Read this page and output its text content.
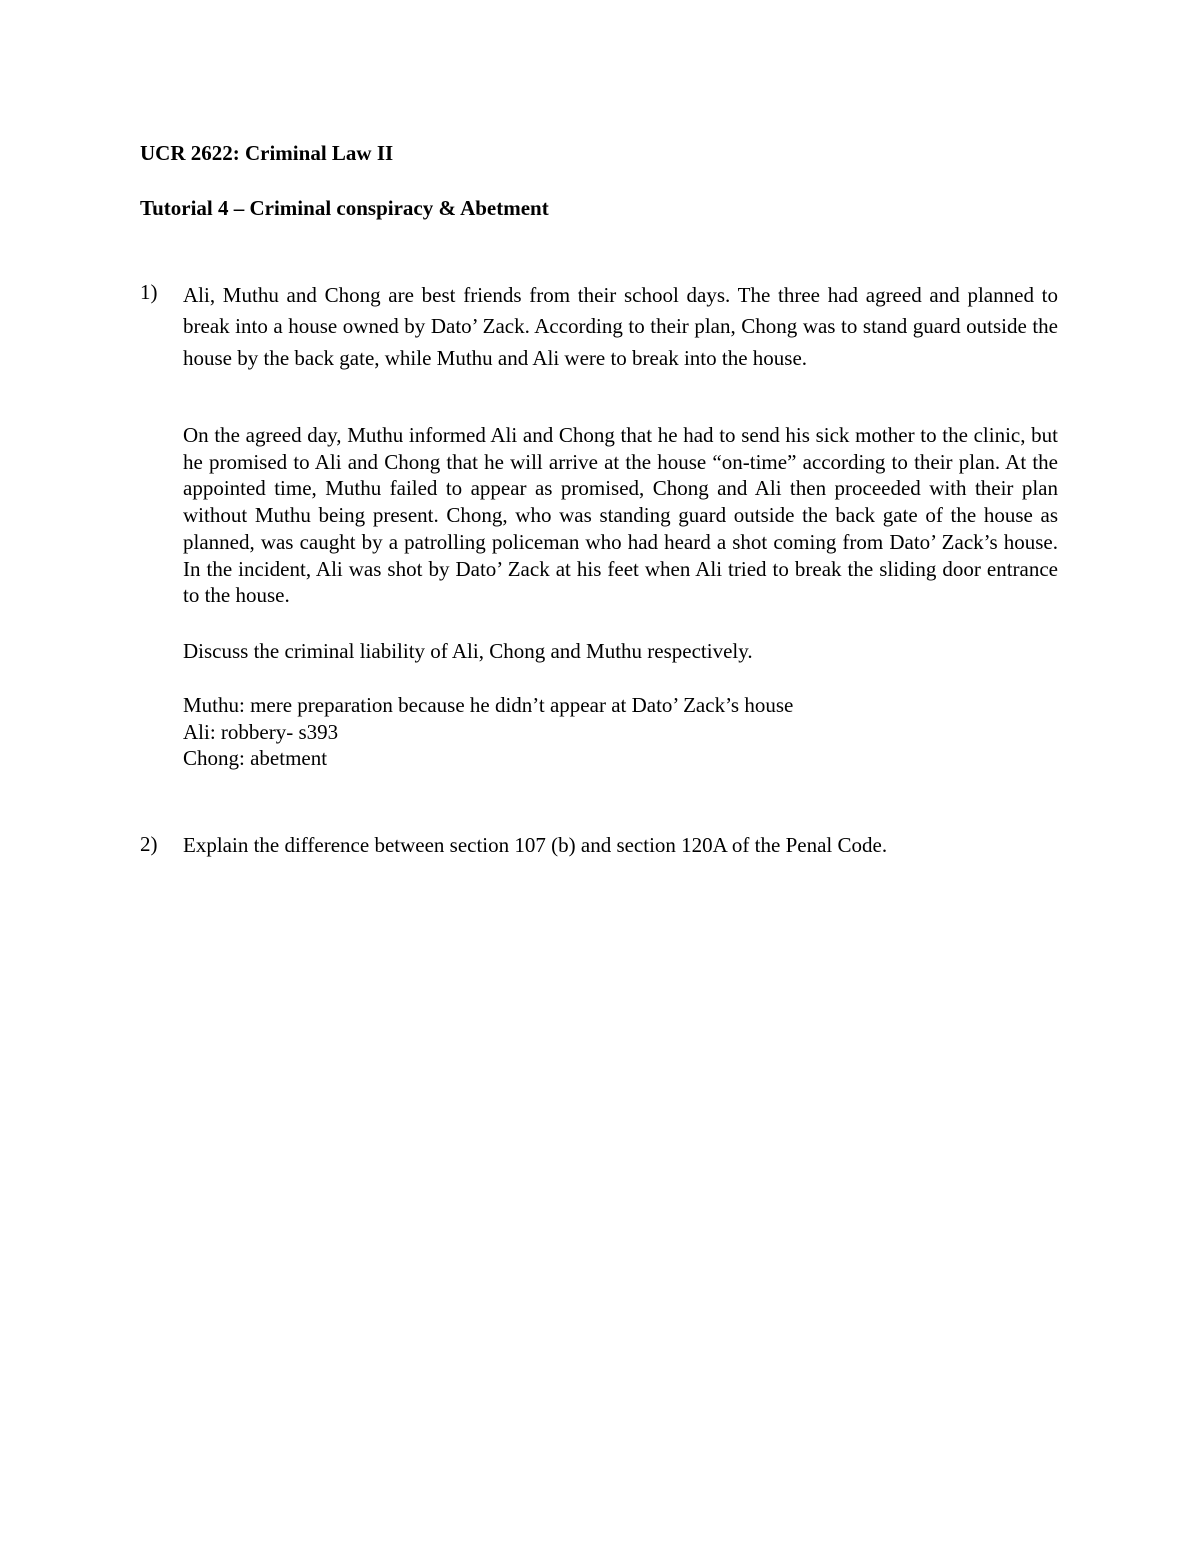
UCR 2622: Criminal Law II
Tutorial 4 – Criminal conspiracy & Abetment
1) Ali, Muthu and Chong are best friends from their school days. The three had agreed and planned to break into a house owned by Dato’ Zack. According to their plan, Chong was to stand guard outside the house by the back gate, while Muthu and Ali were to break into the house.
On the agreed day, Muthu informed Ali and Chong that he had to send his sick mother to the clinic, but he promised to Ali and Chong that he will arrive at the house “on-time” according to their plan. At the appointed time, Muthu failed to appear as promised, Chong and Ali then proceeded with their plan without Muthu being present. Chong, who was standing guard outside the back gate of the house as planned, was caught by a patrolling policeman who had heard a shot coming from Dato’ Zack’s house. In the incident, Ali was shot by Dato’ Zack at his feet when Ali tried to break the sliding door entrance to the house.
Discuss the criminal liability of Ali, Chong and Muthu respectively.
Muthu: mere preparation because he didn’t appear at Dato’ Zack’s house
Ali: robbery- s393
Chong: abetment
2) Explain the difference between section 107 (b) and section 120A of the Penal Code.
